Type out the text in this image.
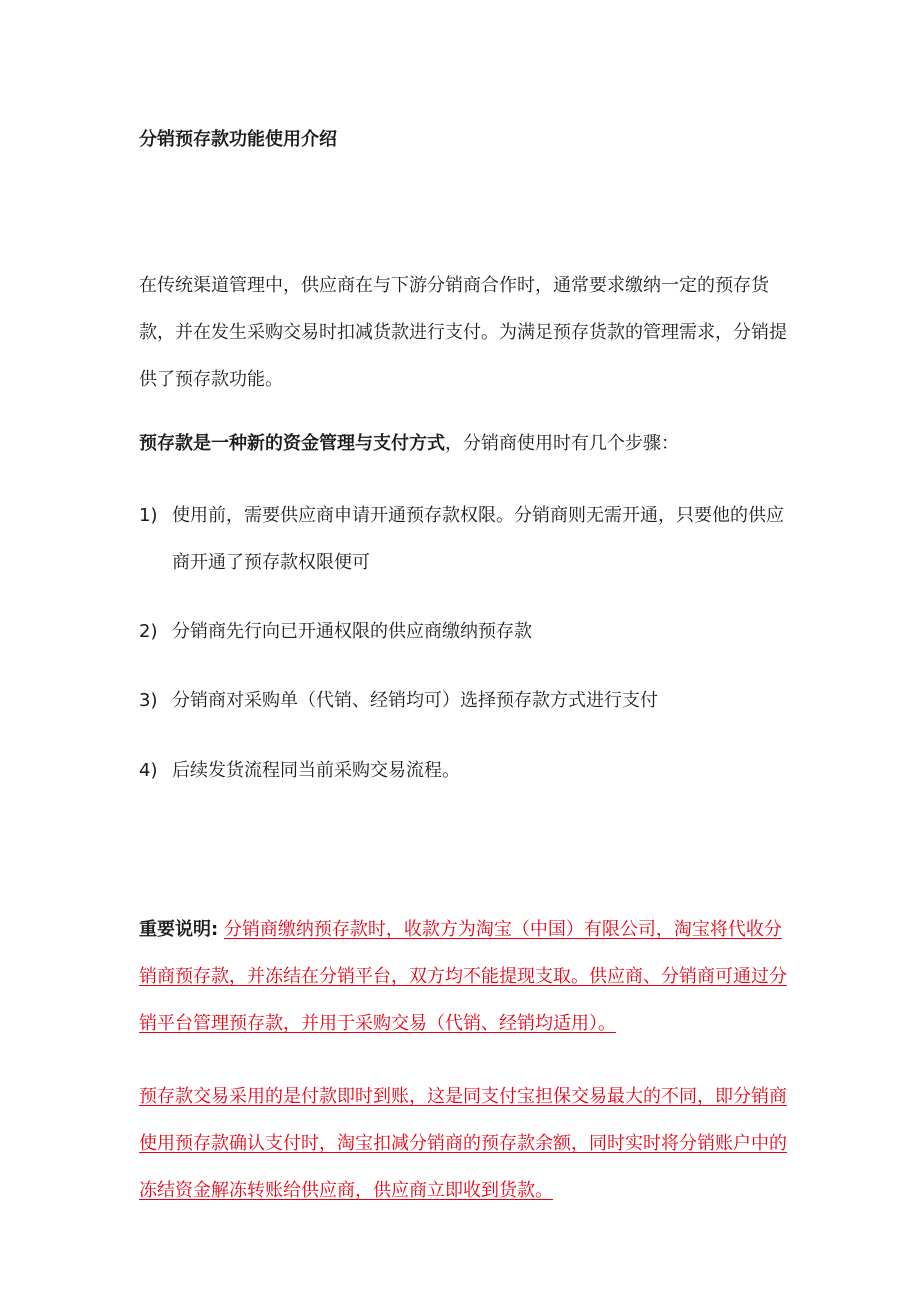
分销预存款功能使用介绍

在传统渠道管理中，供应商在与下游分销商合作时，通常要求缴纳一定的预存货款，并在发生采购交易时扣减货款进行支付。为满足预存货款的管理需求，分销提供了预存款功能。

预存款是一种新的资金管理与支付方式，分销商使用时有几个步骤：

1) 使用前，需要供应商申请开通预存款权限。分销商则无需开通，只要他的供应商开通了预存款权限便可
2) 分销商先行向已开通权限的供应商缴纳预存款
3) 分销商对采购单（代销、经销均可）选择预存款方式进行支付
4) 后续发货流程同当前采购交易流程。

重要说明: 分销商缴纳预存款时，收款方为淘宝（中国）有限公司，淘宝将代收分销商预存款，并冻结在分销平台，双方均不能提现支取。供应商、分销商可通过分销平台管理预存款，并用于采购交易（代销、经销均适用）。

预存款交易采用的是付款即时到账，这是同支付宝担保交易最大的不同，即分销商使用预存款确认支付时，淘宝扣减分销商的预存款余额，同时实时将分销账户中的冻结资金解冻转账给供应商，供应商立即收到货款。
